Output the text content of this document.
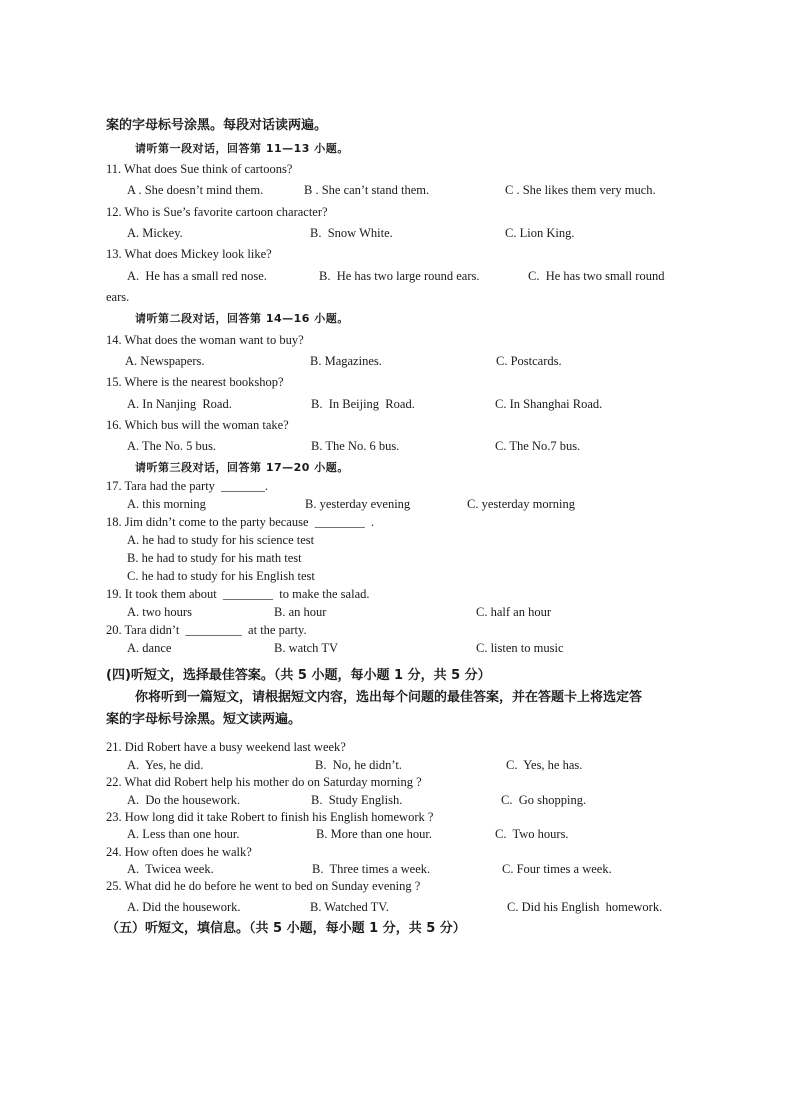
案的字母标号涂黑。每段对话读两遍。
请听第一段对话，回答第 11—13 小题。
11. What does Sue think of cartoons?
A . She doesn’t mind them.	B . She can’t stand them.	C . She likes them very much.
12. Who is Sue’s favorite cartoon character?
A. Mickey.	B.  Snow White.	C. Lion King.
13. What does Mickey look like?
A.  He has a small red nose.	B.  He has two large round ears.	C.  He has two small round
ears.
请听第二段对话，回答第 14—16 小题。
14. What does the woman want to buy?
A. Newspapers.	B. Magazines.	C. Postcards.
15. Where is the nearest bookshop?
A. In Nanjing  Road.	B.  In Beijing  Road.	C. In Shanghai Road.
16. Which bus will the woman take?
A. The No. 5 bus.	B. The No. 6 bus.	C. The No.7 bus.
请听第三段对话，回答第 17—20 小题。
17. Tara had the party  _______.
A. this morning	B. yesterday evening	C. yesterday morning
18. Jim didn’t come to the party because  ________  .
A. he had to study for his science test
B. he had to study for his math test
C. he had to study for his English test
19. It took them about  ________  to make the salad.
A. two hours	B. an hour	C. half an hour
20. Tara didn’t  _________  at the party.
A. dance	B. watch TV	C. listen to music
(四)听短文，选择最佳答案。（共 5 小题，每小题 1 分，共 5 分）
你将听到一篇短文，请根据短文内容，选出每个问题的最佳答案，并在答题卡上将选定答
案的字母标号涂黑。短文读两遍。
21. Did Robert have a busy weekend last week?
A.  Yes, he did.	B.  No, he didn’t.	C.  Yes, he has.
22. What did Robert help his mother do on Saturday morning ?
A.  Do the housework.	B.  Study English.	C.  Go shopping.
23. How long did it take Robert to finish his English homework ?
A. Less than one hour.	B. More than one hour.	C.  Two hours.
24. How often does he walk?
A.  Twicea week.	B.  Three times a week.	C. Four times a week.
25. What did he do before he went to bed on Sunday evening ?
A. Did the housework.	B. Watched TV.	C. Did his English  homework.
（五）听短文，填信息。（共 5 小题，每小题 1 分，共 5 分）
